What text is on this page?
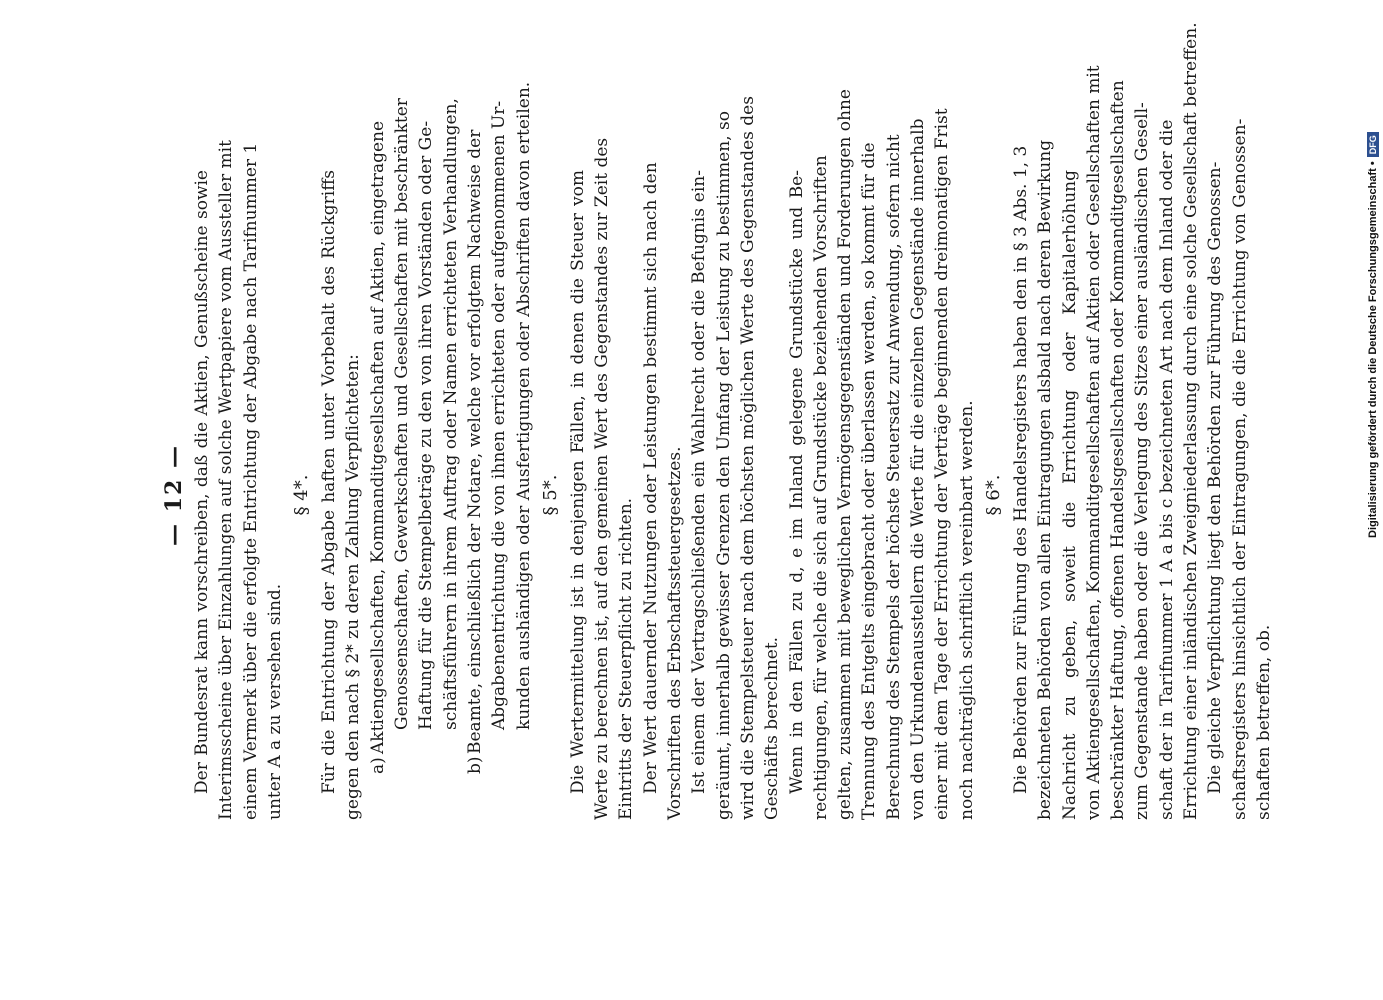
— 12 — Der Bundesrat kann vorschreiben, daß die Aktien, Genußscheine sowie Interimsscheine über Einzahlungen auf solche Wertpapiere vom Aussteller mit einem Vermerk über die erfolgte Entrichtung der Abgabe nach Tarifnummer 1 unter A a zu versehen sind.
§ 4*. Für die Entrichtung der Abgabe haften unter Vorbehalt des Rückgriffs gegen den nach § 2* zu deren Zahlung Verpflichteten: a)Aktiengesellschaften, Kommanditgesellschaften auf Aktien, eingetragene Genossenschaften, Gewerkschaften und Gesellschaften mit beschränkter Haftung für die Stempelbeträge zu den von ihren Vorständen oder Ge- schäftsführern in ihrem Auftrag oder Namen errichteten Verhandlungen,
b)Beamte, einschließlich der Notare, welche vor erfolgtem Nachweise der Abgabenentrichtung die von ihnen errichteten oder aufgenommenen Ur- kunden aushändigen oder Ausfertigungen oder Abschriften davon erteilen. § 5*. Die Wertermittelung ist in denjenigen Fällen, in denen die Steuer vom Werte zu berechnen ist, auf den gemeinen Wert des Gegenstandes zur Zeit des Eintritts der Steuerpflicht zu richten. Der Wert dauernder Nutzungen oder Leistungen bestimmt sich nach den Vorschriften des Erbschaftssteuergesetzes. Ist einem der Vertragschließenden ein Wahlrecht oder die Befugnis ein- geräumt, innerhalb gewisser Grenzen den Umfang der Leistung zu bestimmen, so wird die Stempelsteuer nach dem höchsten möglichen Werte des Gegenstandes des Geschäfts berechnet. Wenn in den Fällen zu d, e im Inland gelegene Grundstücke und Be- rechtigungen, für welche die sich auf Grundstücke beziehenden Vorschriften gelten, zusammen mit beweglichen Vermögensgegenständen und Forderungen ohne Trennung des Entgelts eingebracht oder überlassen werden, so kommt für die Berechnung des Stempels der höchste Steuersatz zur Anwendung, sofern nicht von den Urkundenausstellern die Werte für die einzelnen Gegenstände innerhalb einer mit dem Tage der Errichtung der Verträge beginnenden dreimonatigen Frist noch nachträglich schriftlich vereinbart werden. § 6*. Die Behörden zur Führung des Handelsregisters haben den in § 3 Abs. 1, 3 bezeichneten Behörden von allen Eintragungen alsbald nach deren Bewirkung Nachricht zu geben, soweit die Errichtung oder Kapitalerhöhung von Aktiengesellschaften, Kommanditgesellschaften auf Aktien oder Gesellschaften mit beschränkter Haftung, offenen Handelsgesellschaften oder Kommanditgesellschaften zum Gegenstande haben oder die Verlegung des Sitzes einer ausländischen Gesell- schaft der in Tarifnummer 1 A a bis c bezeichneten Art nach dem Inland oder die Errichtung einer inländischen Zweigniederlassung durch eine solche Gesellschaft betreffen. Die gleiche Verpflichtung liegt den Behörden zur Führung des Genossen- schaftsregisters hinsichtlich der Eintragungen, die die Errichtung von Genossen- schaften betreffen, ob.
Digitalisierung gefördert durch die Deutsche Forschungsgemeinschaft •
DFG
